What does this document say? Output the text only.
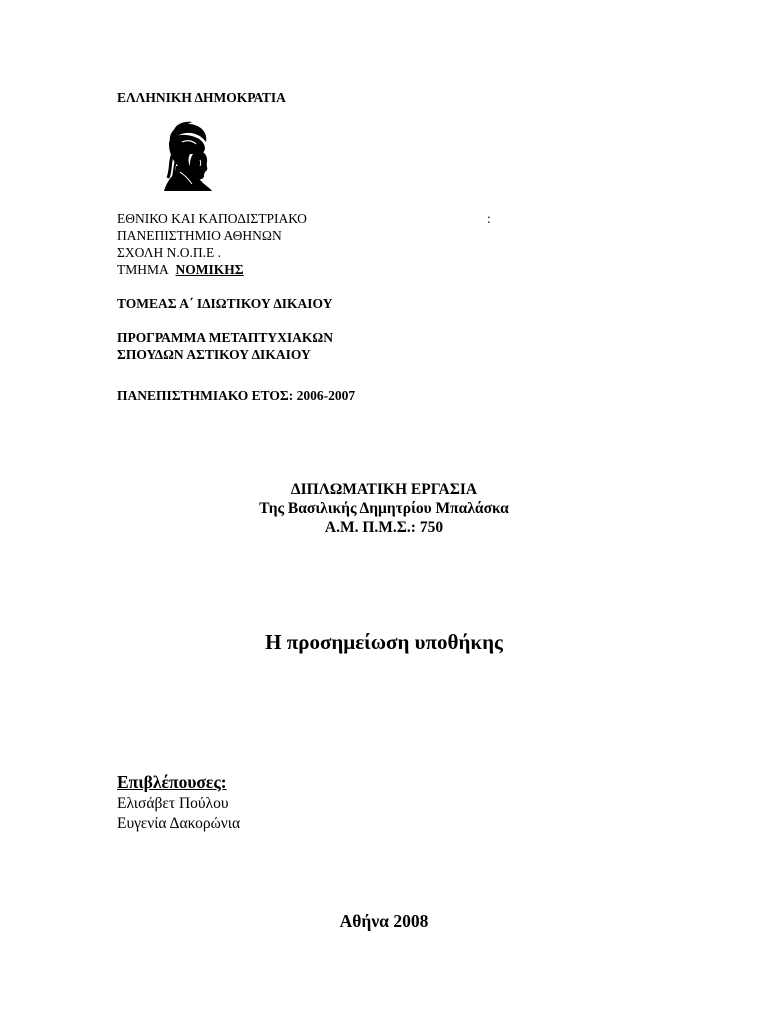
ΕΛΛΗΝΙΚΗ ΔΗΜΟΚΡΑΤΙΑ
ΕΘΝΙΚΟ ΚΑΙ ΚΑΠΟΔΙΣΤΡΙΑΚΟ	:
ΠΑΝΕΠΙΣΤΗΜΙΟ ΑΘΗΝΩΝ
ΣΧΟΛΗ Ν.Ο.Π.Ε .
ΤΜΗΜΑ ΝΟΜΙΚΗΣ
ΤΟΜΕΑΣ Α΄ ΙΔΙΩΤΙΚΟΥ ΔΙΚΑΙΟΥ
ΠΡΟΓΡΑΜΜΑ ΜΕΤΑΠΤΥΧΙΑΚΩΝ
ΣΠΟΥΔΩΝ ΑΣΤΙΚΟΥ ΔΙΚΑΙΟΥ
ΠΑΝΕΠΙΣΤΗΜΙΑΚΟ ΕΤΟΣ: 2006-2007
ΔΙΠΛΩΜΑΤΙΚΗ ΕΡΓΑΣΙΑ
Της Βασιλικής Δημητρίου Μπαλάσκα
Α.Μ. Π.Μ.Σ.: 750
Η προσημείωση υποθήκης
Επιβλέπουσες:
Ελισάβετ Πούλου
Ευγενία Δακορώνια
Αθήνα 2008
